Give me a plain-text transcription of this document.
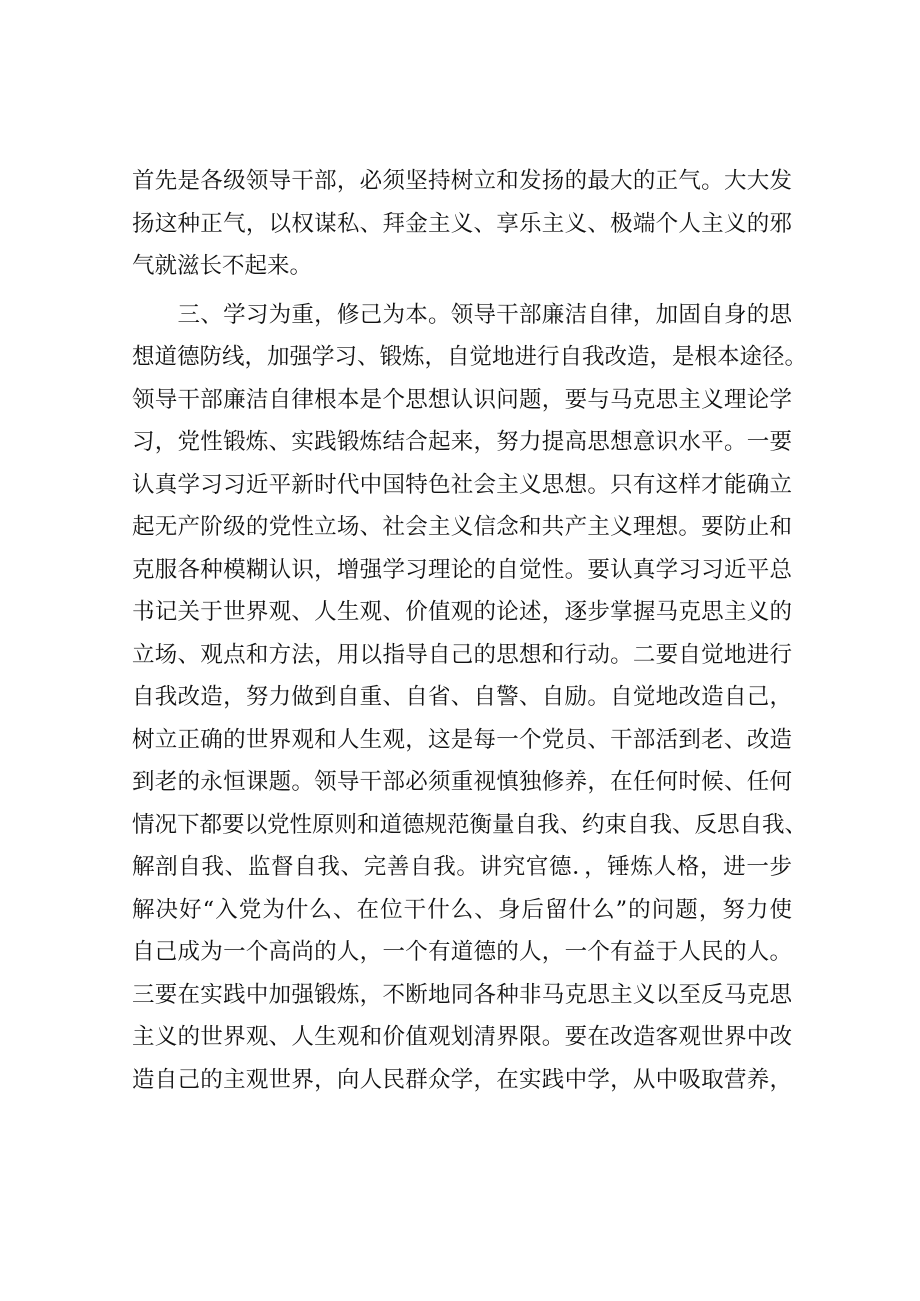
首先是各级领导干部，必须坚持树立和发扬的最大的正气。大大发
扬这种正气，以权谋私、拜金主义、享乐主义、极端个人主义的邪
气就滋长不起来。
　　三、学习为重，修己为本。领导干部廉洁自律，加固自身的思
想道德防线，加强学习、锻炼，自觉地进行自我改造，是根本途径。
领导干部廉洁自律根本是个思想认识问题，要与马克思主义理论学
习，党性锻炼、实践锻炼结合起来，努力提高思想意识水平。一要
认真学习习近平新时代中国特色社会主义思想。只有这样才能确立
起无产阶级的党性立场、社会主义信念和共产主义理想。要防止和
克服各种模糊认识，增强学习理论的自觉性。要认真学习习近平总
书记关于世界观、人生观、价值观的论述，逐步掌握马克思主义的
立场、观点和方法，用以指导自己的思想和行动。二要自觉地进行
自我改造，努力做到自重、自省、自警、自励。自觉地改造自己，
树立正确的世界观和人生观，这是每一个党员、干部活到老、改造
到老的永恒课题。领导干部必须重视慎独修养，在任何时候、任何
情况下都要以党性原则和道德规范衡量自我、约束自我、反思自我、
解剖自我、监督自我、完善自我。讲究官德．，锤炼人格，进一步
解决好“入党为什么、在位干什么、身后留什么”的问题，努力使
自己成为一个高尚的人，一个有道德的人，一个有益于人民的人。
三要在实践中加强锻炼，不断地同各种非马克思主义以至反马克思
主义的世界观、人生观和价值观划清界限。要在改造客观世界中改
造自己的主观世界，向人民群众学，在实践中学，从中吸取营养，
